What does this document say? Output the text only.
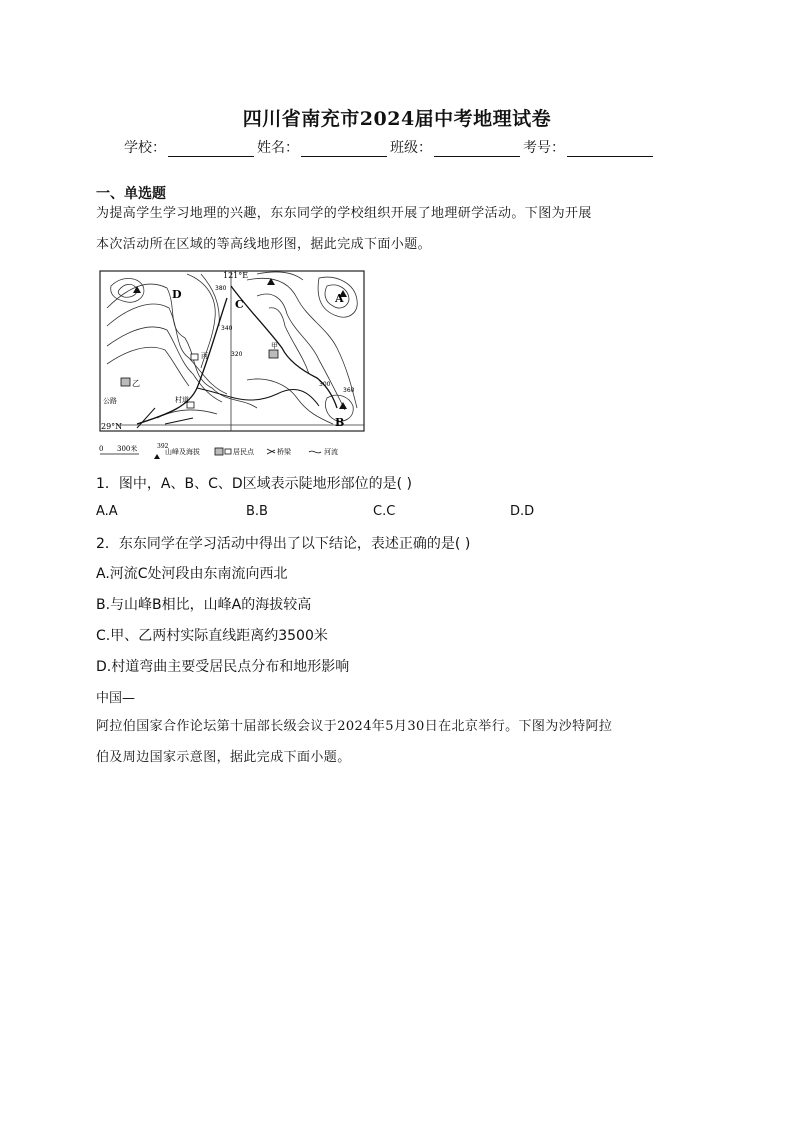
四川省南充市2024届中考地理试卷
学校：	姓名：	班级：	考号：
一、单选题
为提高学生学习地理的兴趣，东东同学的学校组织开展了地理研学活动。下图为开展
本次活动所在区域的等高线地形图，据此完成下面小题。
121°E
29°N
D
C	A
B
甲
乙
丙
村道
公路
380
340
320
300
360
0 300米	392
山峰及海拔	居民点	桥梁	河流
1．图中，A、B、C、D区域表示陡地形部位的是( )
A.A	B.B	C.C	D.D
2．东东同学在学习活动中得出了以下结论，表述正确的是( )
A.河流C处河段由东南流向西北
B.与山峰B相比，山峰A的海拔较高
C.甲、乙两村实际直线距离约3500米
D.村道弯曲主要受居民点分布和地形影响
中国—
阿拉伯国家合作论坛第十届部长级会议于2024年5月30日在北京举行。下图为沙特阿拉
伯及周边国家示意图，据此完成下面小题。
